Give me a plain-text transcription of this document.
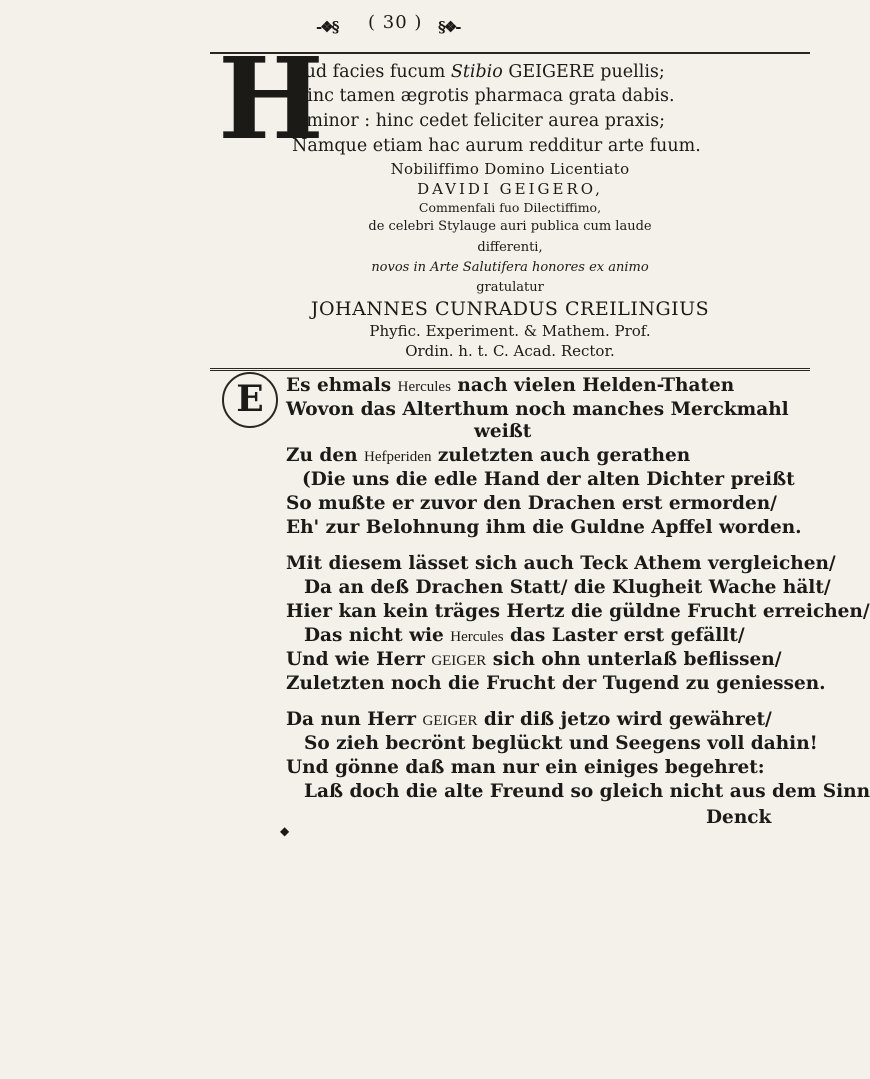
-❖§ ( 30 ) §❖-
H
Aud facies fucum Stibio GEIGERE puellis;
Hinc tamen ægrotis pharmaca grata dabis.
Ominor : hinc cedet feliciter aurea praxis;
Namque etiam hac aurum redditur arte fuum.
Nobiliffimo Domino Licentiato
DAVIDI GEIGERO,
Commenfali fuo Dilectiffimo,
de celebri Stylauge auri publica cum laude
differenti,
novos in Arte Salutifera honores ex animo
gratulatur
JOHANNES CUNRADUS CREILINGIUS
Phyfic. Experiment. & Mathem. Prof.
Ordin. h. t. C. Acad. Rector.
E	Es ehmals Hercules nach vielen Helden-Thaten
Wovon das Alterthum noch manches Merckmahl
weißt
Zu den Hefperiden zuletzten auch gerathen
(Die uns die edle Hand der alten Dichter preißt
So mußte er zuvor den Drachen erst ermorden/
Eh' zur Belohnung ihm die Guldne Apffel worden.
Mit diesem lässet sich auch Teck Athem vergleichen/
Da an deß Drachen Statt/ die Klugheit Wache hält/
Hier kan kein träges Hertz die güldne Frucht erreichen/
Das nicht wie Hercules das Laster erst gefällt/
Und wie Herr GEIGER sich ohn unterlaß beflissen/
Zuletzten noch die Frucht der Tugend zu geniessen.
Da nun Herr GEIGER dir diß jetzo wird gewähret/
So zieh becrönt beglückt und Seegens voll dahin!
Und gönne daß man nur ein einiges begehret:
Laß doch die alte Freund so gleich nicht aus dem Sinn
Denck
◆
